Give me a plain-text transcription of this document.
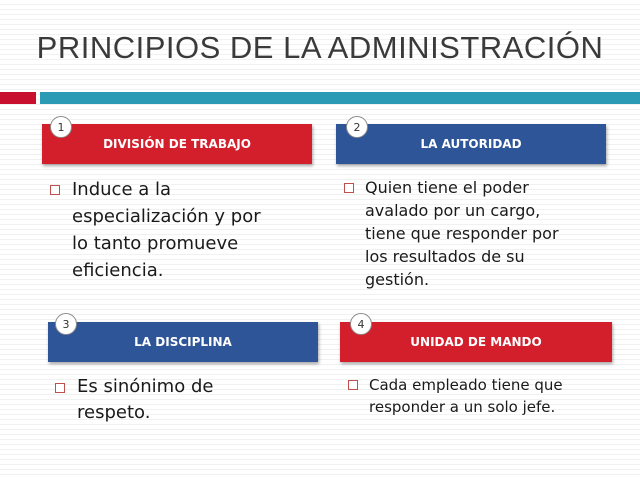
PRINCIPIOS DE LA ADMINISTRACIÓN
DIVISIÓN DE TRABAJO
1
Induce a la
especialización y por
lo tanto promueve
eficiencia.
LA AUTORIDAD
2
Quien tiene el poder
avalado por un cargo,
tiene que responder por
los resultados de su
gestión.
LA DISCIPLINA
3
Es sinónimo de
respeto.
UNIDAD DE MANDO
4
Cada empleado tiene que
responder a un solo jefe.
